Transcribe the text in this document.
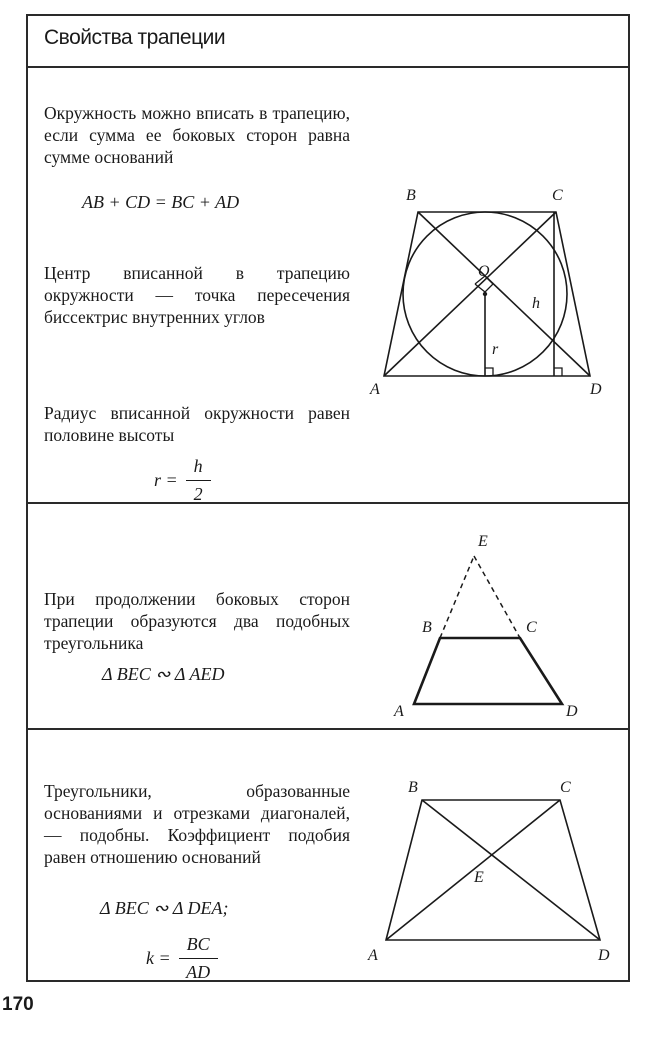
Свойства трапеции
Окружность можно вписать в трапецию, если сумма ее боковых сторон равна сумме оснований
AB + CD = BC + AD
Центр вписанной в трапецию окружности — точка пересечения биссектрис внутренних углов
Радиус вписанной окружности равен половине высоты
$r = \frac{h}{2}$
B	C
A	D
O
h
r
При продолжении боковых сторон трапеции образуются два подобных треугольника
Δ BEC ∾ Δ AED
E
B	C
A	D
Треугольники, образованные основаниями и отрезками диагоналей, — подобны. Коэффициент подобия равен отношению оснований
Δ BEC ∾ Δ DEA;
$k = \frac{BC}{AD}$
B	C
A	D
E
170
